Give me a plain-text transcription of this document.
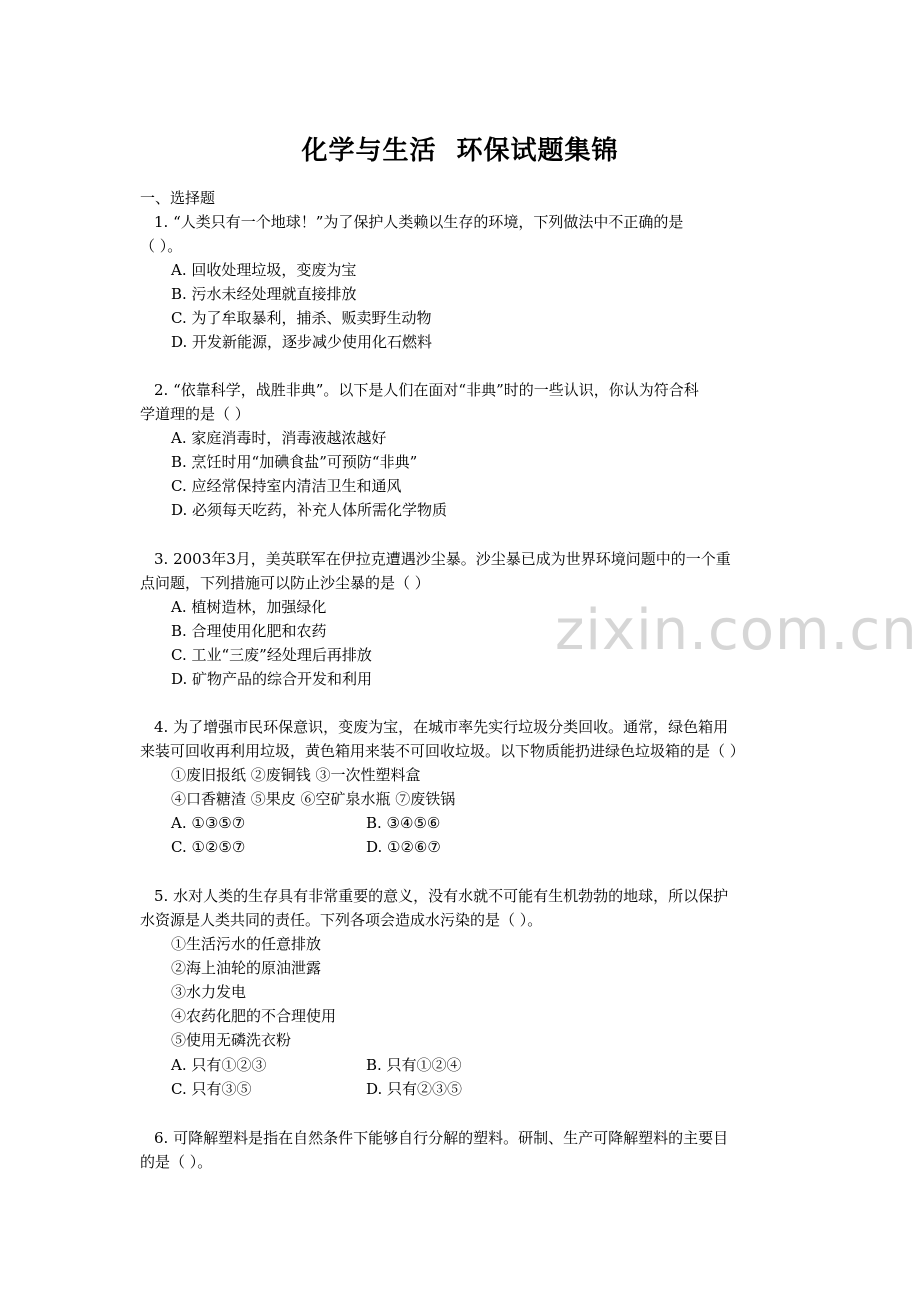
化学与生活  环保试题集锦
一、选择题
1. “人类只有一个地球！”为了保护人类赖以生存的环境，下列做法中不正确的是
（ ）。
A. 回收处理垃圾，变废为宝
B. 污水未经处理就直接排放
C. 为了牟取暴利，捕杀、贩卖野生动物
D. 开发新能源，逐步减少使用化石燃料
2. “依靠科学，战胜非典”。以下是人们在面对“非典”时的一些认识，你认为符合科
学道理的是（ ）
A. 家庭消毒时，消毒液越浓越好
B. 烹饪时用“加碘食盐”可预防“非典”
C. 应经常保持室内清洁卫生和通风
D. 必须每天吃药，补充人体所需化学物质
3. 2003年3月，美英联军在伊拉克遭遇沙尘暴。沙尘暴已成为世界环境问题中的一个重
点问题，下列措施可以防止沙尘暴的是（ ）
A. 植树造林，加强绿化
B. 合理使用化肥和农药
C. 工业“三废”经处理后再排放
D. 矿物产品的综合开发和利用
4. 为了增强市民环保意识，变废为宝，在城市率先实行垃圾分类回收。通常，绿色箱用
来装可回收再利用垃圾，黄色箱用来装不可回收垃圾。以下物质能扔进绿色垃圾箱的是（ ）
①废旧报纸 ②废铜钱 ③一次性塑料盒
④口香糖渣 ⑤果皮 ⑥空矿泉水瓶 ⑦废铁锅
A. ①③⑤⑦	B. ③④⑤⑥
C. ①②⑤⑦	D. ①②⑥⑦
5. 水对人类的生存具有非常重要的意义，没有水就不可能有生机勃勃的地球，所以保护
水资源是人类共同的责任。下列各项会造成水污染的是（ ）。
①生活污水的任意排放
②海上油轮的原油泄露
③水力发电
④农药化肥的不合理使用
⑤使用无磷洗衣粉
A. 只有①②③	B. 只有①②④
C. 只有③⑤	D. 只有②③⑤
6. 可降解塑料是指在自然条件下能够自行分解的塑料。研制、生产可降解塑料的主要目
的是（ ）。
zixin.com.cn
